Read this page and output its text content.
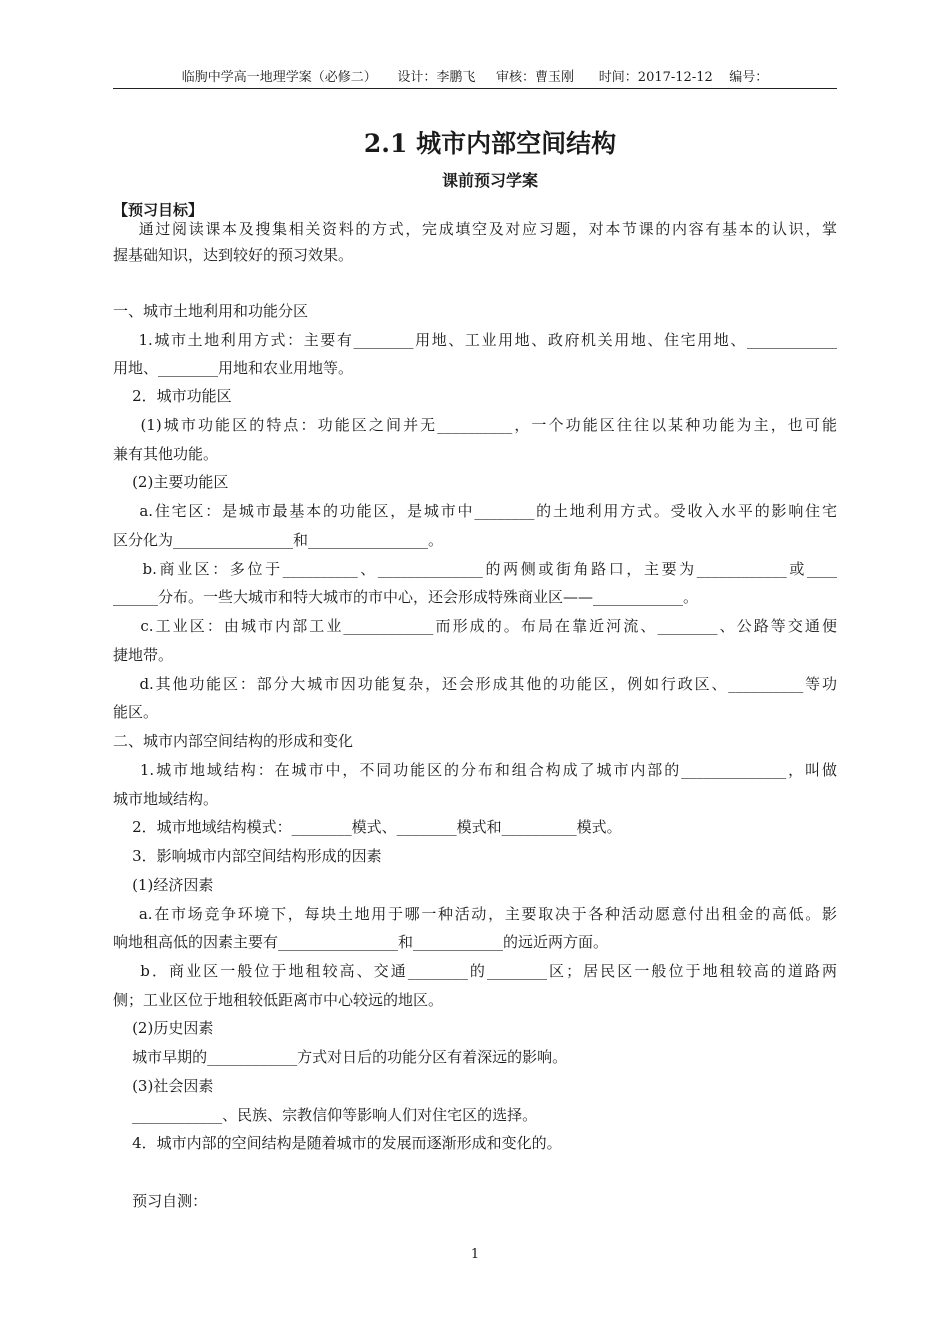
临朐中学高一地理学案（必修二）     设计：李鹏飞     审核：曹玉刚      时间：2017-12-12    编号：
2.1 城市内部空间结构
课前预习学案
【预习目标】
通过阅读课本及搜集相关资料的方式，完成填空及对应习题，对本节课的内容有基本的认识，掌
握基础知识，达到较好的预习效果。
一、城市土地利用和功能分区
1.城市土地利用方式：主要有________用地、工业用地、政府机关用地、住宅用地、____________
用地、________用地和农业用地等。
2．城市功能区
(1)城市功能区的特点：功能区之间并无__________，一个功能区往往以某种功能为主，也可能
兼有其他功能。
(2)主要功能区
a.住宅区：是城市最基本的功能区，是城市中________的土地利用方式。受收入水平的影响住宅
区分化为________________和________________。
b.商业区：多位于__________、______________的两侧或街角路口，主要为____________或____
______分布。一些大城市和特大城市的市中心，还会形成特殊商业区——____________。
c.工业区：由城市内部工业____________而形成的。布局在靠近河流、________、公路等交通便
捷地带。
d.其他功能区：部分大城市因功能复杂，还会形成其他的功能区，例如行政区、__________等功
能区。
二、城市内部空间结构的形成和变化
1.城市地域结构：在城市中，不同功能区的分布和组合构成了城市内部的______________，叫做
城市地域结构。
2．城市地域结构模式：________模式、________模式和__________模式。
3．影响城市内部空间结构形成的因素
(1)经济因素
a.在市场竞争环境下，每块土地用于哪一种活动，主要取决于各种活动愿意付出租金的高低。影
响地租高低的因素主要有________________和____________的远近两方面。
b．商业区一般位于地租较高、交通________的________区；居民区一般位于地租较高的道路两
侧；工业区位于地租较低距离市中心较远的地区。
(2)历史因素
城市早期的____________方式对日后的功能分区有着深远的影响。
(3)社会因素
____________、民族、宗教信仰等影响人们对住宅区的选择。
4．城市内部的空间结构是随着城市的发展而逐渐形成和变化的。
预习自测：
1
